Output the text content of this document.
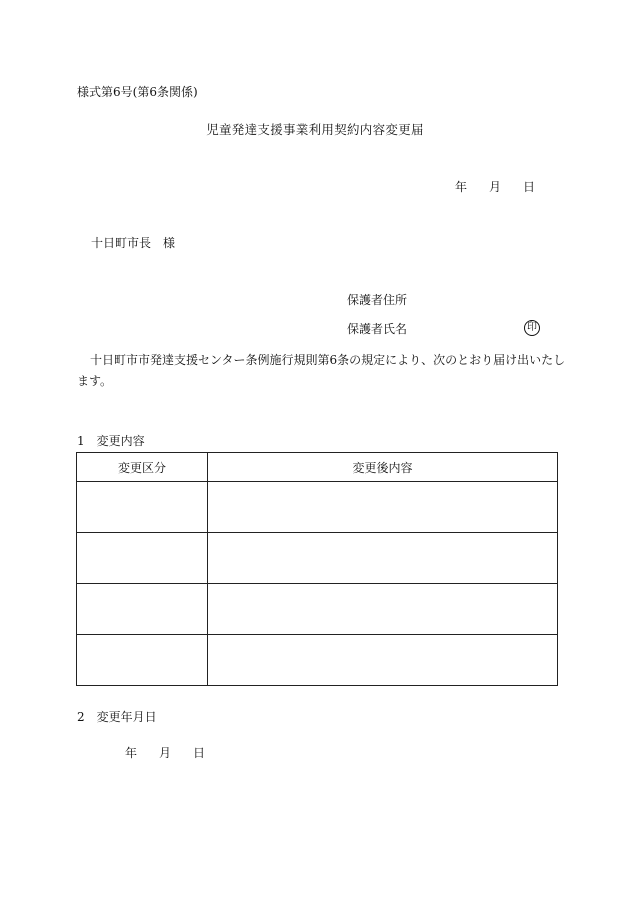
様式第6号(第6条関係)
児童発達支援事業利用契約内容変更届
年 月 日
十日町市長　様
保護者住所
保護者氏名	印
十日町市市発達支援センター条例施行規則第6条の規定により、次のとおり届け出いたします。
1　変更内容
変更区分	変更後内容

2　変更年月日
年 月 日
